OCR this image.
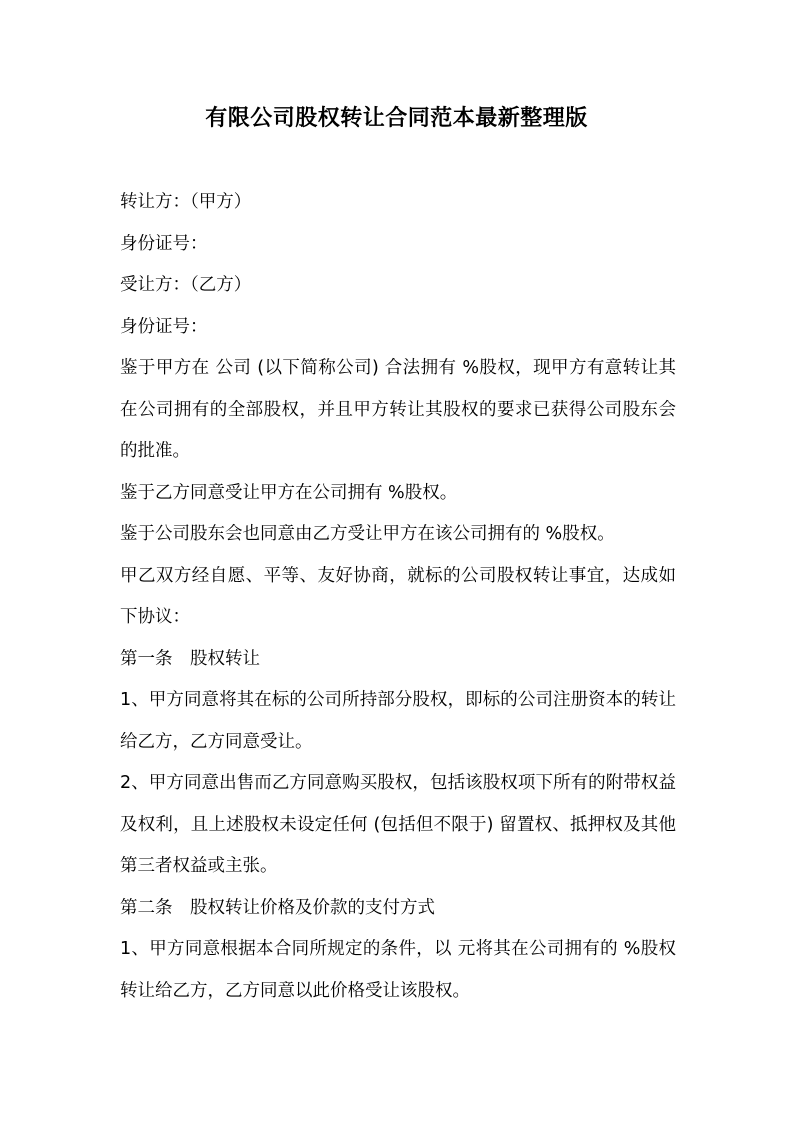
有限公司股权转让合同范本最新整理版

转让方：（甲方）

身份证号：

受让方：（乙方）

身份证号：

鉴于甲方在 公司 (以下简称公司) 合法拥有 %股权，现甲方有意转让其在公司拥有的全部股权，并且甲方转让其股权的要求已获得公司股东会的批准。

鉴于乙方同意受让甲方在公司拥有 %股权。

鉴于公司股东会也同意由乙方受让甲方在该公司拥有的 %股权。

甲乙双方经自愿、平等、友好协商，就标的公司股权转让事宜，达成如下协议：

第一条　股权转让

1、甲方同意将其在标的公司所持部分股权，即标的公司注册资本的转让给乙方，乙方同意受让。

2、甲方同意出售而乙方同意购买股权，包括该股权项下所有的附带权益及权利，且上述股权未设定任何 (包括但不限于) 留置权、抵押权及其他第三者权益或主张。

第二条　股权转让价格及价款的支付方式

1、甲方同意根据本合同所规定的条件，以 元将其在公司拥有的 %股权转让给乙方，乙方同意以此价格受让该股权。
